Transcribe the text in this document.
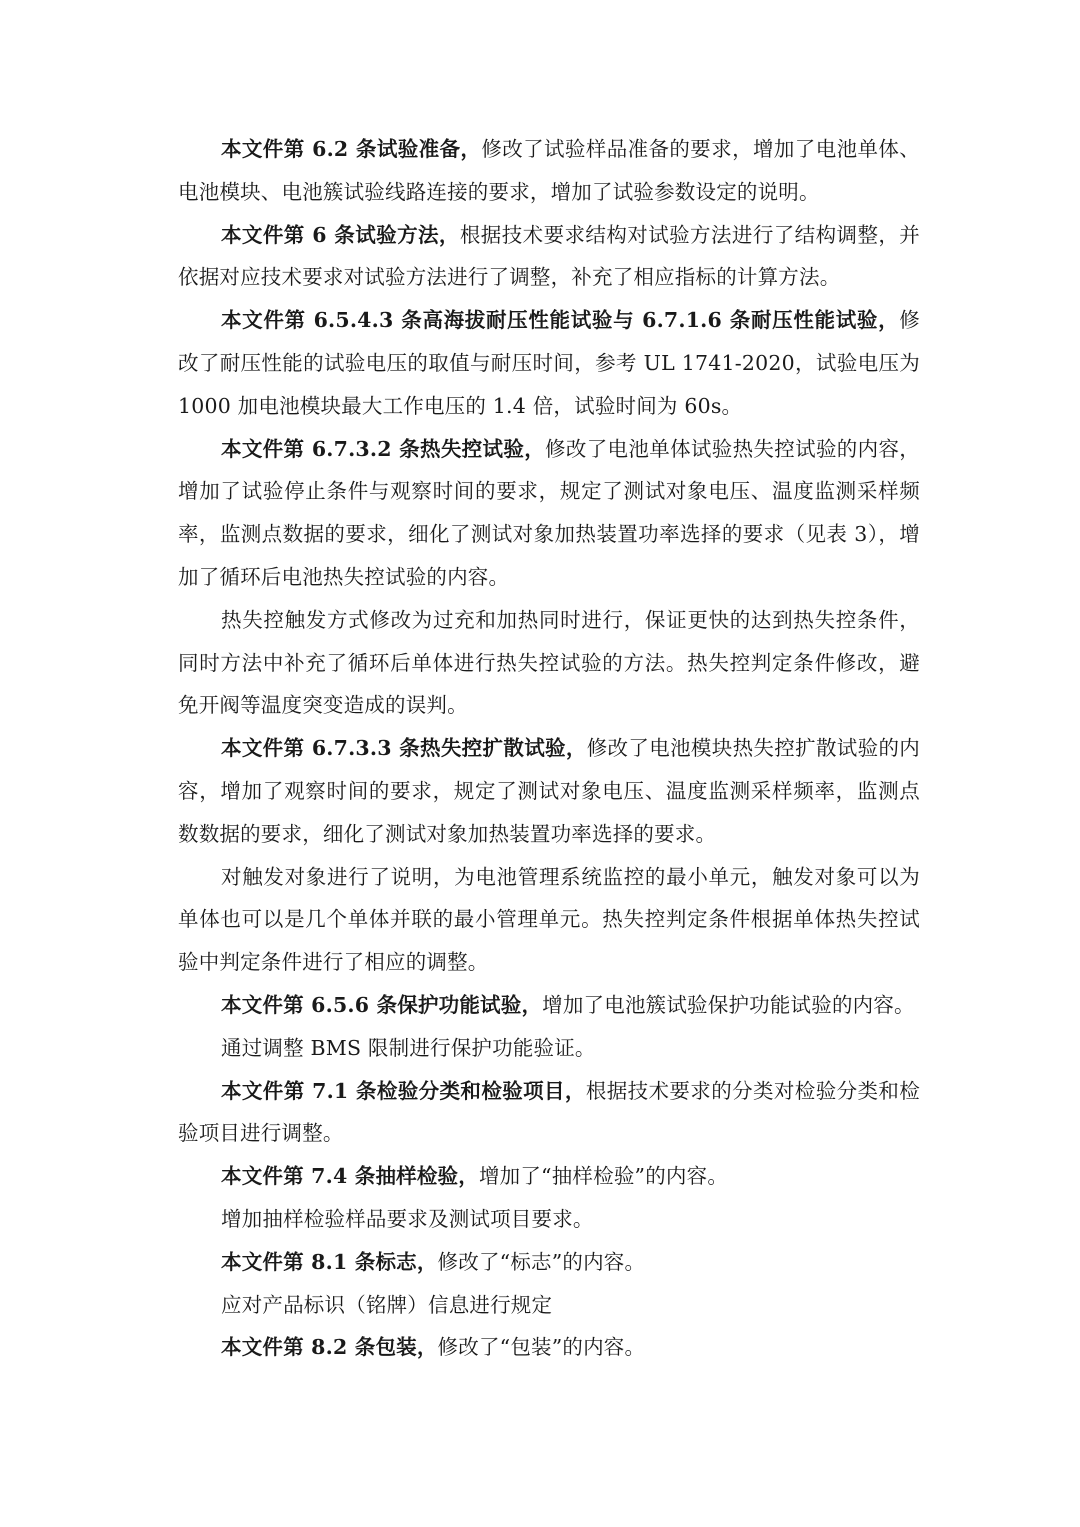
本文件第 6.2 条试验准备，修改了试验样品准备的要求，增加了电池单体、电池模块、电池簇试验线路连接的要求，增加了试验参数设定的说明。

本文件第 6 条试验方法，根据技术要求结构对试验方法进行了结构调整，并依据对应技术要求对试验方法进行了调整，补充了相应指标的计算方法。

本文件第 6.5.4.3 条高海拔耐压性能试验与 6.7.1.6 条耐压性能试验，修改了耐压性能的试验电压的取值与耐压时间，参考 UL 1741-2020，试验电压为 1000 加电池模块最大工作电压的 1.4 倍，试验时间为 60s。

本文件第 6.7.3.2 条热失控试验，修改了电池单体试验热失控试验的内容，增加了试验停止条件与观察时间的要求，规定了测试对象电压、温度监测采样频率，监测点数据的要求，细化了测试对象加热装置功率选择的要求（见表 3），增加了循环后电池热失控试验的内容。

热失控触发方式修改为过充和加热同时进行，保证更快的达到热失控条件，同时方法中补充了循环后单体进行热失控试验的方法。热失控判定条件修改，避免开阀等温度突变造成的误判。

本文件第 6.7.3.3 条热失控扩散试验，修改了电池模块热失控扩散试验的内容，增加了观察时间的要求，规定了测试对象电压、温度监测采样频率，监测点数数据的要求，细化了测试对象加热装置功率选择的要求。

对触发对象进行了说明，为电池管理系统监控的最小单元，触发对象可以为单体也可以是几个单体并联的最小管理单元。热失控判定条件根据单体热失控试验中判定条件进行了相应的调整。

本文件第 6.5.6 条保护功能试验，增加了电池簇试验保护功能试验的内容。

通过调整 BMS 限制进行保护功能验证。

本文件第 7.1 条检验分类和检验项目，根据技术要求的分类对检验分类和检验项目进行调整。

本文件第 7.4 条抽样检验，增加了“抽样检验”的内容。

增加抽样检验样品要求及测试项目要求。

本文件第 8.1 条标志，修改了“标志”的内容。

应对产品标识（铭牌）信息进行规定

本文件第 8.2 条包装，修改了“包装”的内容。
